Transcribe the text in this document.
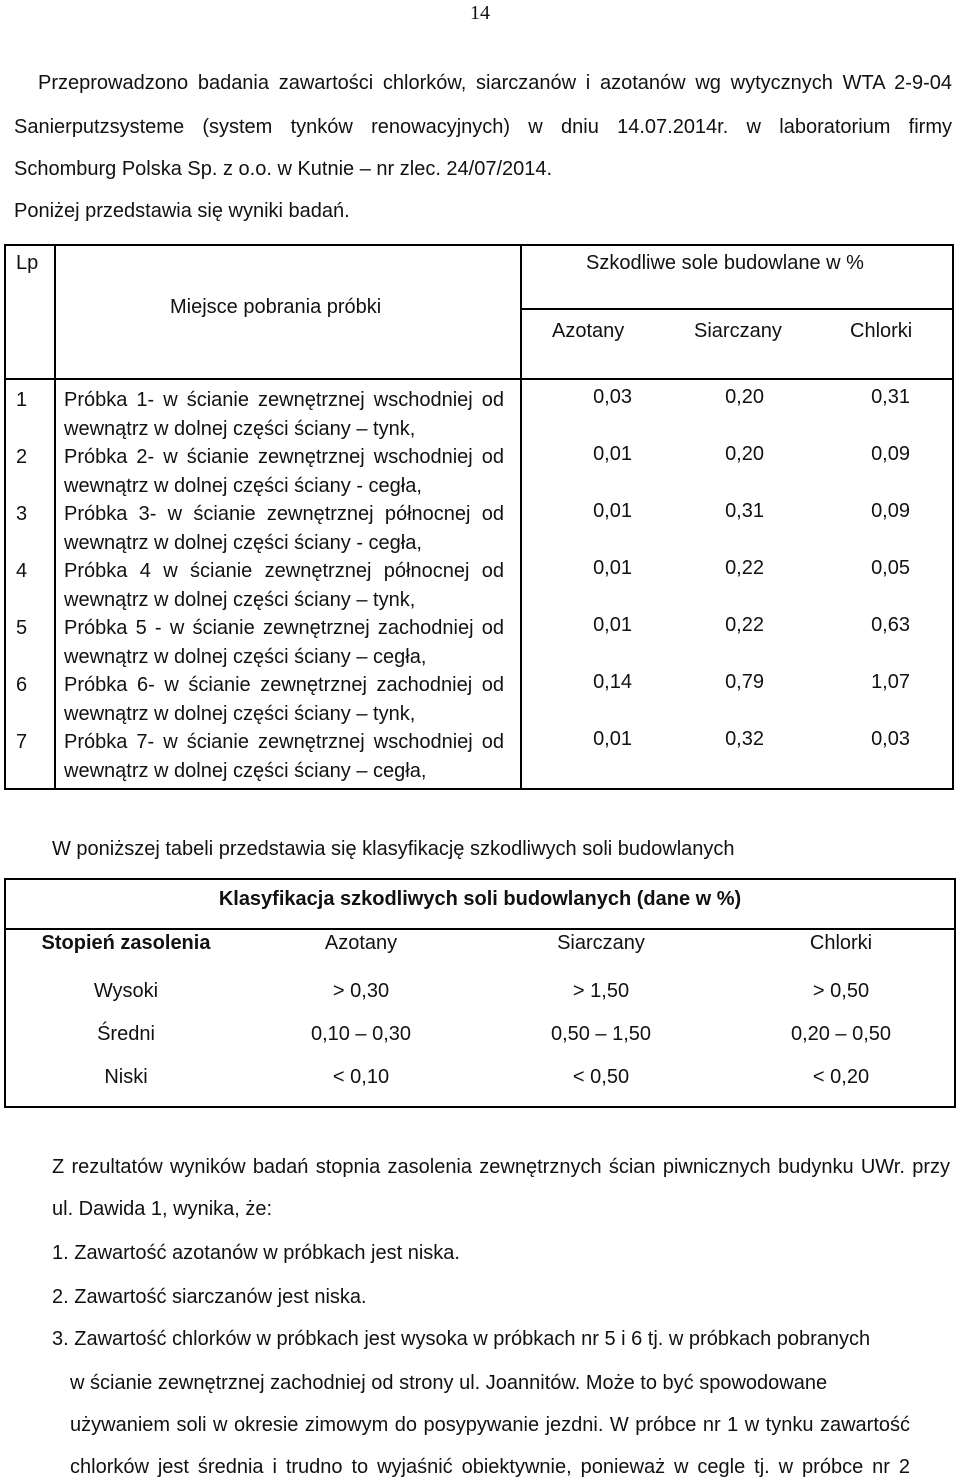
14
Przeprowadzono badania zawartości chlorków, siarczanów i azotanów wg wytycznych WTA 2-9-04
Sanierputzsysteme (system tynków renowacyjnych) w dniu 14.07.2014r. w laboratorium firmy
Schomburg Polska Sp. z o.o. w Kutnie – nr zlec. 24/07/2014.
Poniżej przedstawia się wyniki badań.
Lp
Miejsce pobrania próbki
Szkodliwe sole budowlane w %
Azotany	Siarczany	Chlorki
1 Próbka 1- w ścianie zewnętrznej wschodniej od
wewnątrz w dolnej części ściany – tynk,
0,03	0,20	0,31
2 Próbka 2- w ścianie zewnętrznej wschodniej od
wewnątrz w dolnej części ściany - cegła,
0,01	0,20	0,09
3 Próbka 3- w ścianie zewnętrznej północnej od
wewnątrz w dolnej części ściany - cegła,
0,01	0,31	0,09
4 Próbka 4 w ścianie zewnętrznej północnej od
wewnątrz w dolnej części ściany – tynk,
0,01	0,22	0,05
5 Próbka 5 - w ścianie zewnętrznej zachodniej od
wewnątrz w dolnej części ściany – cegła,
0,01	0,22	0,63
6 Próbka 6- w ścianie zewnętrznej zachodniej od
wewnątrz w dolnej części ściany – tynk,
0,14	0,79	1,07
7 Próbka 7- w ścianie zewnętrznej wschodniej od
wewnątrz w dolnej części ściany – cegła,
0,01	0,32	0,03
W poniższej tabeli przedstawia się klasyfikację szkodliwych soli budowlanych
Klasyfikacja szkodliwych soli budowlanych (dane w %)
Stopień zasolenia	Azotany	Siarczany	Chlorki
Wysoki	> 0,30	> 1,50	> 0,50
Średni	0,10 – 0,30	0,50 – 1,50	0,20 – 0,50
Niski	< 0,10	< 0,50	< 0,20
Z rezultatów wyników badań stopnia zasolenia zewnętrznych ścian piwnicznych budynku UWr. przy
ul. Dawida 1, wynika, że:
1. Zawartość azotanów w próbkach jest niska.
2. Zawartość siarczanów jest niska.
3. Zawartość chlorków w próbkach jest wysoka w próbkach nr 5 i 6 tj. w próbkach pobranych
w ścianie zewnętrznej zachodniej od strony ul. Joannitów. Może to być spowodowane
używaniem soli w okresie zimowym do posypywanie jezdni. W próbce nr 1 w tynku zawartość
chlorków jest średnia i trudno to wyjaśnić obiektywnie, ponieważ w cegle tj. w próbce nr 2
